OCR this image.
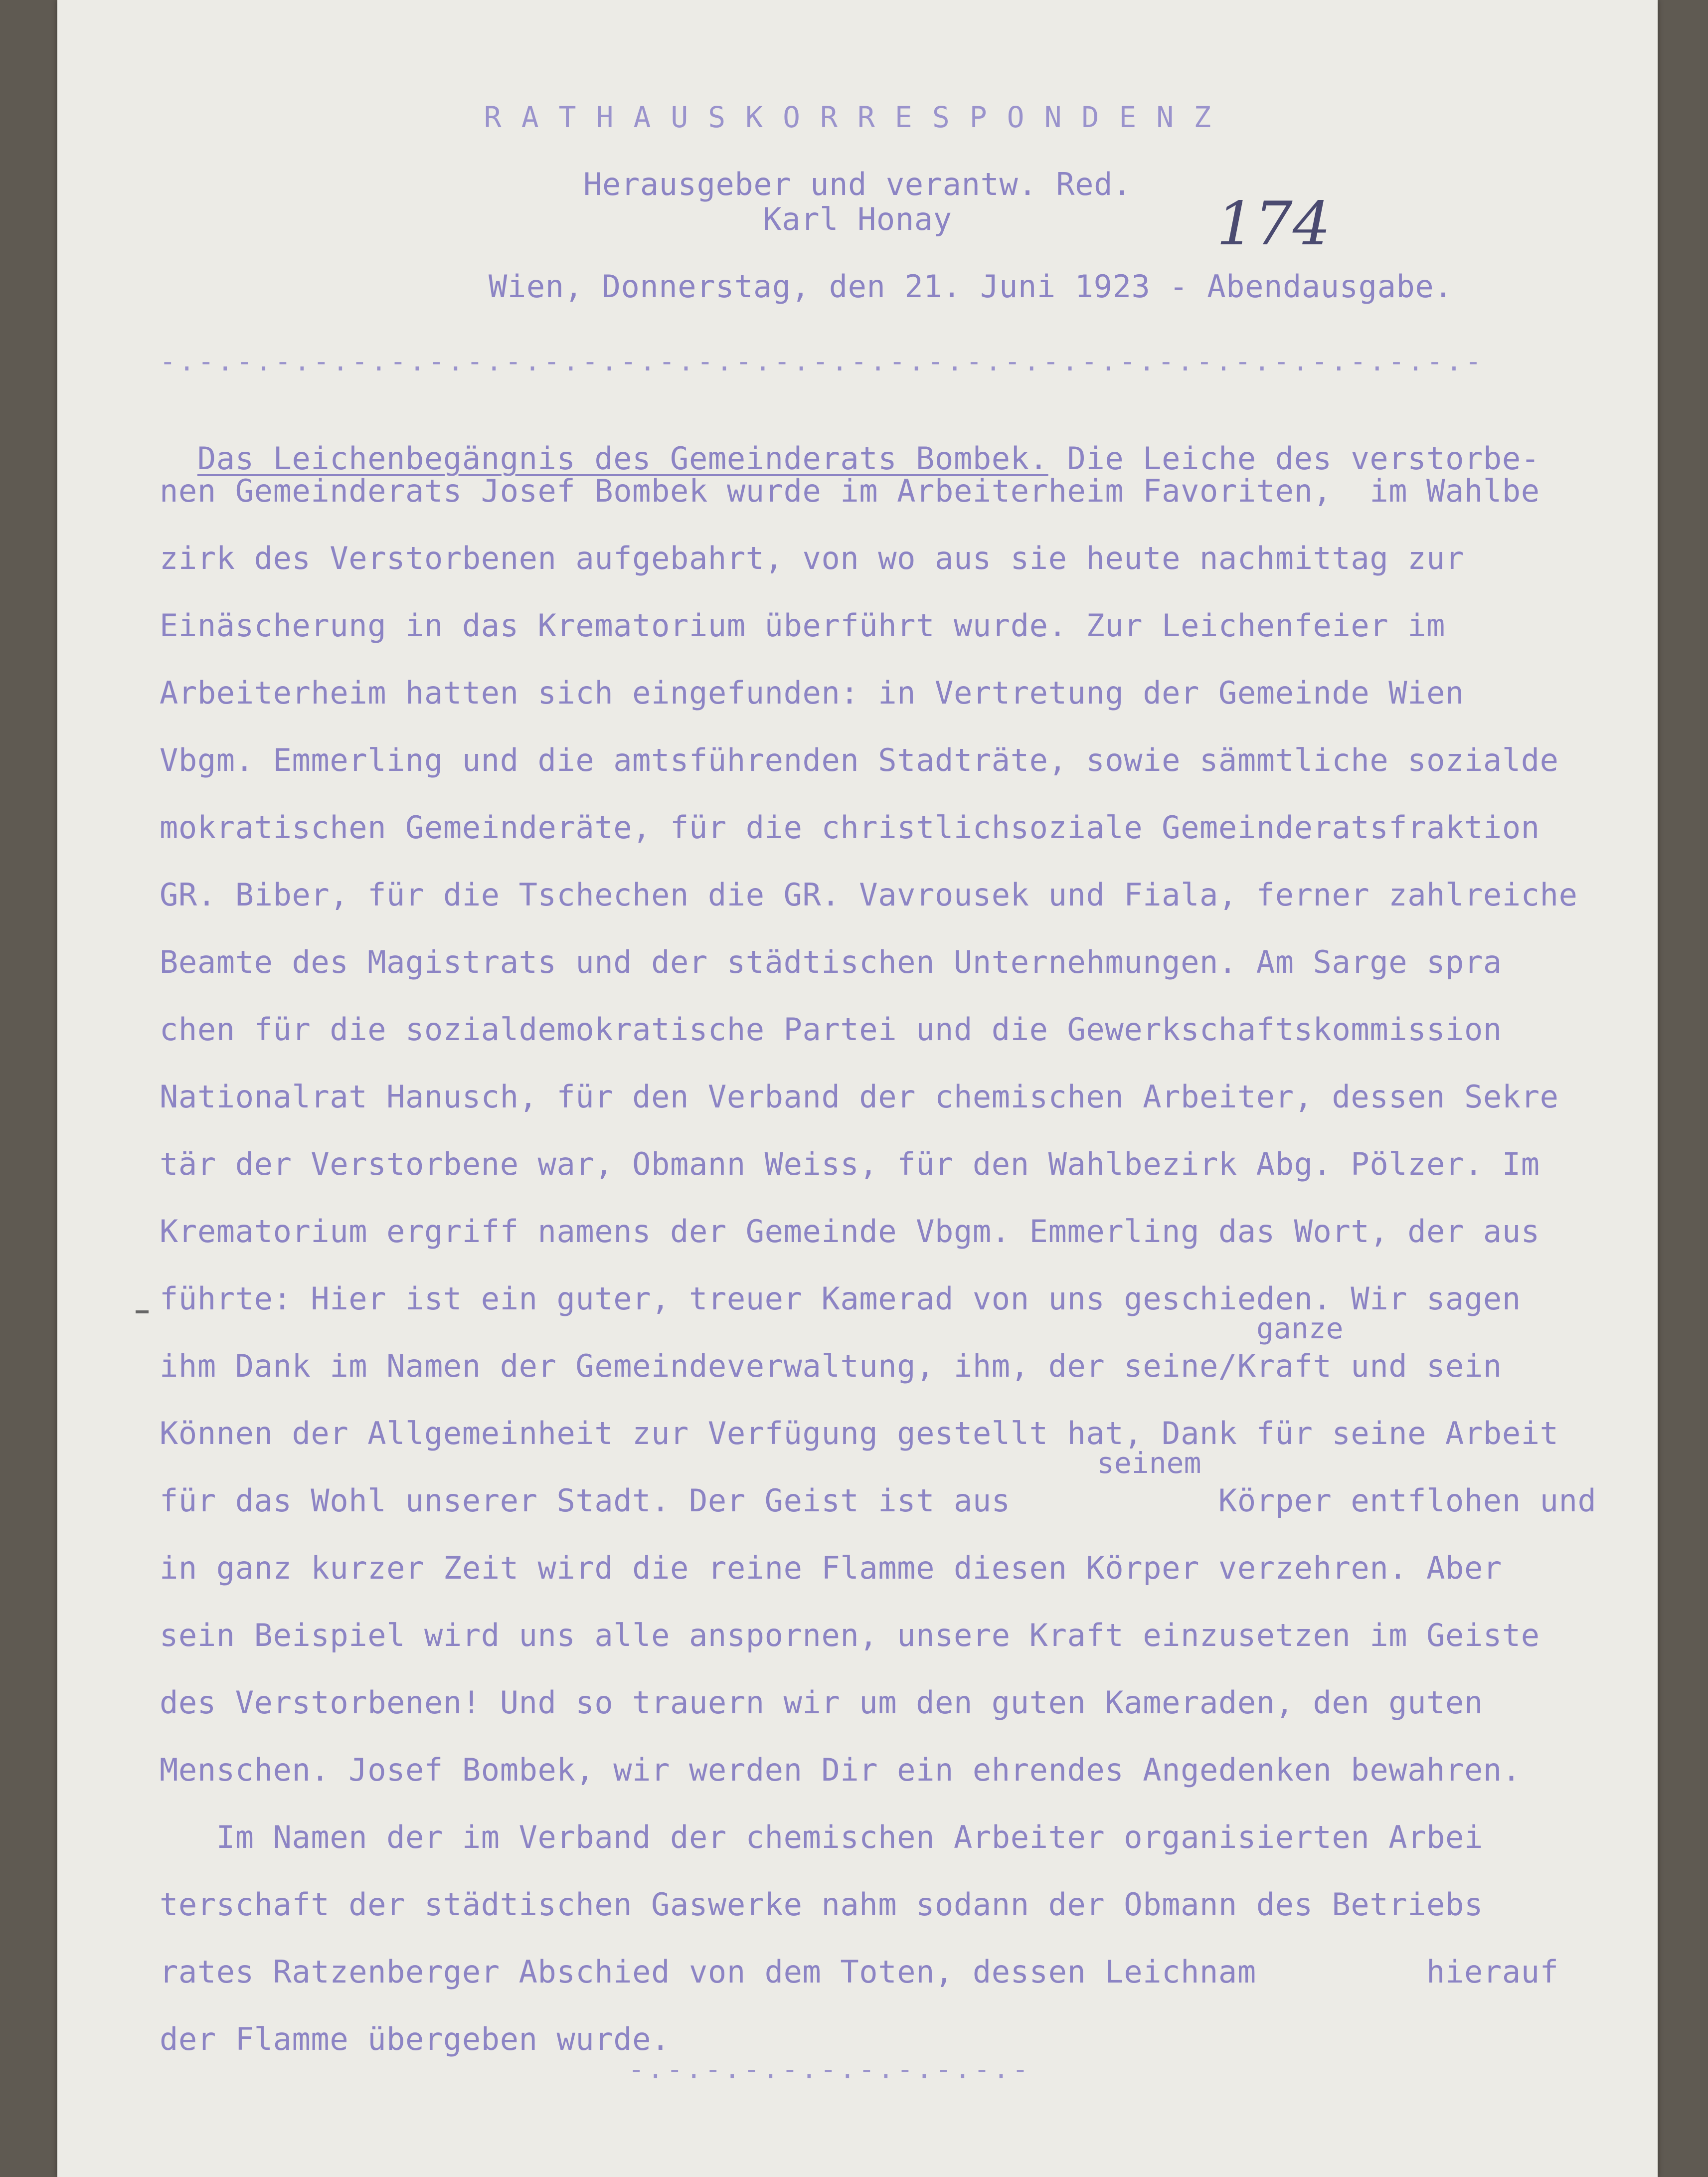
RATHAUSKORRESPONDENZ
Herausgeber und verantw. Red.
Karl Honay	174
Wien, Donnerstag, den 21. Juni 1923 - Abendausgabe.
-.-.-.-.-.-.-.-.-.-.-.-.-.-.-.-.-.-.-.-.-.-.-.-.-.-.-.-.-.-.-.-.-.-.-

Das Leichenbegängnis des Gemeinderats Bombek. Die Leiche des verstorbe-

nen Gemeinderats Josef Bombek wurde im Arbeiterheim Favoriten,  im Wahlbe
zirk des Verstorbenen aufgebahrt, von wo aus sie heute nachmittag zur
Einäscherung in das Krematorium überführt wurde. Zur Leichenfeier im
Arbeiterheim hatten sich eingefunden: in Vertretung der Gemeinde Wien
Vbgm. Emmerling und die amtsführenden Stadträte, sowie sämmtliche sozialde
mokratischen Gemeinderäte, für die christlichsoziale Gemeinderatsfraktion
GR. Biber, für die Tschechen die GR. Vavrousek und Fiala, ferner zahlreiche
Beamte des Magistrats und der städtischen Unternehmungen. Am Sarge spra
chen für die sozialdemokratische Partei und die Gewerkschaftskommission
Nationalrat Hanusch, für den Verband der chemischen Arbeiter, dessen Sekre
tär der Verstorbene war, Obmann Weiss, für den Wahlbezirk Abg. Pölzer. Im
Krematorium ergriff namens der Gemeinde Vbgm. Emmerling das Wort, der aus
führte: Hier ist ein guter, treuer Kamerad von uns geschieden. Wir sagen
ganze
ihm Dank im Namen der Gemeindeverwaltung, ihm, der seine/Kraft und sein
Können der Allgemeinheit zur Verfügung gestellt hat, Dank für seine Arbeit
seinem
für das Wohl unserer Stadt. Der Geist ist aus           Körper entflohen und
in ganz kurzer Zeit wird die reine Flamme diesen Körper verzehren. Aber
sein Beispiel wird uns alle anspornen, unsere Kraft einzusetzen im Geiste
des Verstorbenen! Und so trauern wir um den guten Kameraden, den guten
Menschen. Josef Bombek, wir werden Dir ein ehrendes Angedenken bewahren.
Im Namen der im Verband der chemischen Arbeiter organisierten Arbei
terschaft der städtischen Gaswerke nahm sodann der Obmann des Betriebs
rates Ratzenberger Abschied von dem Toten, dessen Leichnam         hierauf
der Flamme übergeben wurde.
-.-.-.-.-.-.-.-.-.-.-
